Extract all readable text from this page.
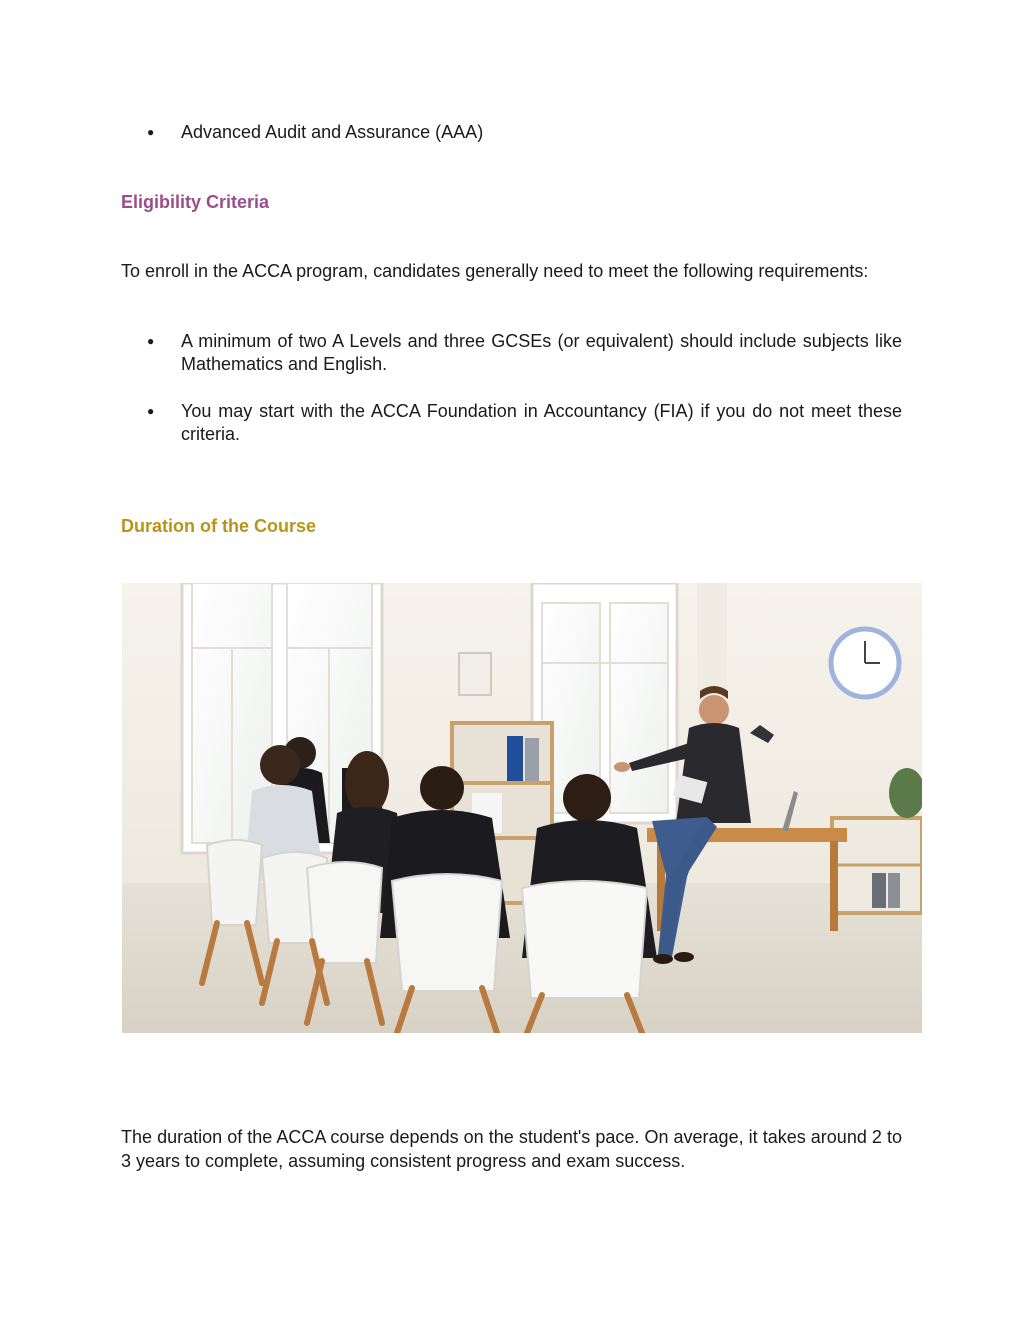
●	Advanced Audit and Assurance (AAA)
Eligibility Criteria

To enroll in the ACCA program, candidates generally need to meet the following requirements:

●	A minimum of two A Levels and three GCSEs (or equivalent) should include subjects like Mathematics and English.
●	You may start with the ACCA Foundation in Accountancy (FIA) if you do not meet these criteria.
Duration of the Course

The duration of the ACCA course depends on the student's pace. On average, it takes around 2 to 3 years to complete, assuming consistent progress and exam success.
